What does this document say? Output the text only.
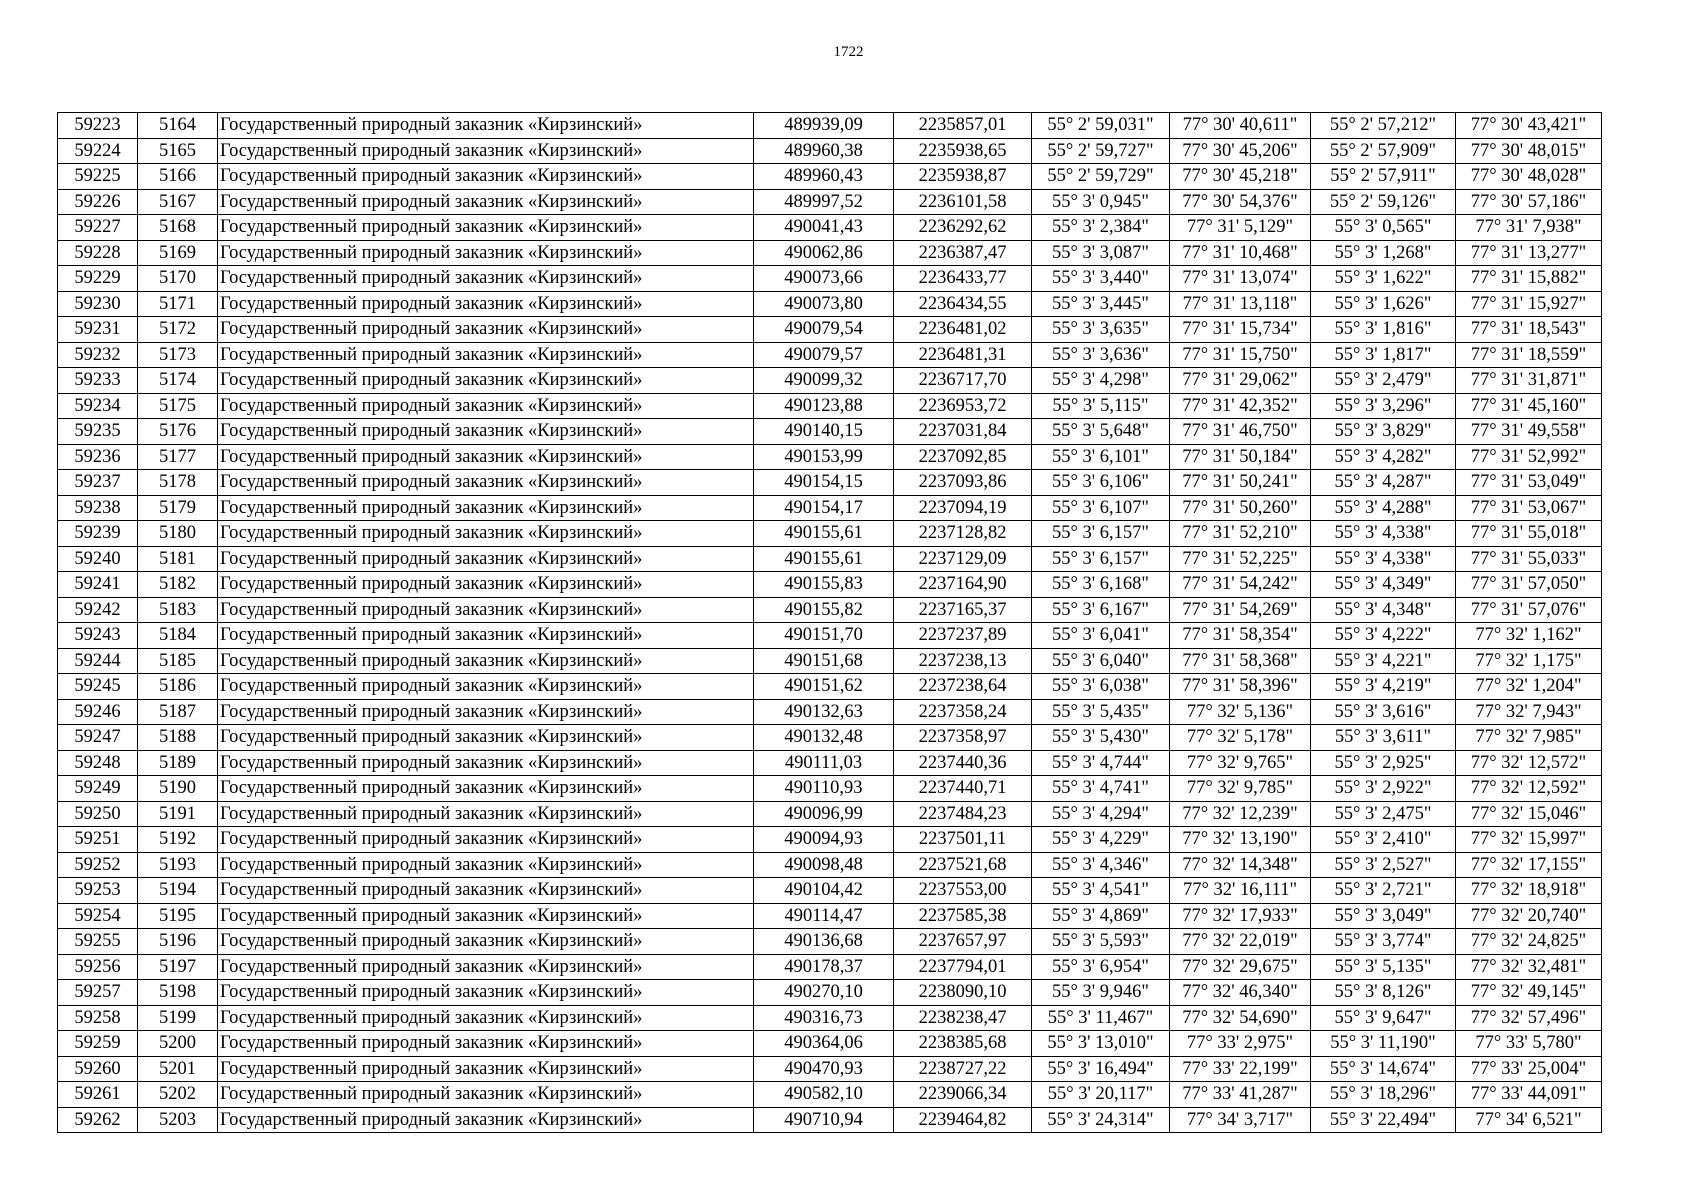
1722
59223	5164	Государственный природный заказник «Кирзинский»	489939,09	2235857,01	55° 2' 59,031"	77° 30' 40,611"	55° 2' 57,212"	77° 30' 43,421"
59224	5165	Государственный природный заказник «Кирзинский»	489960,38	2235938,65	55° 2' 59,727"	77° 30' 45,206"	55° 2' 57,909"	77° 30' 48,015"
59225	5166	Государственный природный заказник «Кирзинский»	489960,43	2235938,87	55° 2' 59,729"	77° 30' 45,218"	55° 2' 57,911"	77° 30' 48,028"
59226	5167	Государственный природный заказник «Кирзинский»	489997,52	2236101,58	55° 3' 0,945"	77° 30' 54,376"	55° 2' 59,126"	77° 30' 57,186"
59227	5168	Государственный природный заказник «Кирзинский»	490041,43	2236292,62	55° 3' 2,384"	77° 31' 5,129"	55° 3' 0,565"	77° 31' 7,938"
59228	5169	Государственный природный заказник «Кирзинский»	490062,86	2236387,47	55° 3' 3,087"	77° 31' 10,468"	55° 3' 1,268"	77° 31' 13,277"
59229	5170	Государственный природный заказник «Кирзинский»	490073,66	2236433,77	55° 3' 3,440"	77° 31' 13,074"	55° 3' 1,622"	77° 31' 15,882"
59230	5171	Государственный природный заказник «Кирзинский»	490073,80	2236434,55	55° 3' 3,445"	77° 31' 13,118"	55° 3' 1,626"	77° 31' 15,927"
59231	5172	Государственный природный заказник «Кирзинский»	490079,54	2236481,02	55° 3' 3,635"	77° 31' 15,734"	55° 3' 1,816"	77° 31' 18,543"
59232	5173	Государственный природный заказник «Кирзинский»	490079,57	2236481,31	55° 3' 3,636"	77° 31' 15,750"	55° 3' 1,817"	77° 31' 18,559"
59233	5174	Государственный природный заказник «Кирзинский»	490099,32	2236717,70	55° 3' 4,298"	77° 31' 29,062"	55° 3' 2,479"	77° 31' 31,871"
59234	5175	Государственный природный заказник «Кирзинский»	490123,88	2236953,72	55° 3' 5,115"	77° 31' 42,352"	55° 3' 3,296"	77° 31' 45,160"
59235	5176	Государственный природный заказник «Кирзинский»	490140,15	2237031,84	55° 3' 5,648"	77° 31' 46,750"	55° 3' 3,829"	77° 31' 49,558"
59236	5177	Государственный природный заказник «Кирзинский»	490153,99	2237092,85	55° 3' 6,101"	77° 31' 50,184"	55° 3' 4,282"	77° 31' 52,992"
59237	5178	Государственный природный заказник «Кирзинский»	490154,15	2237093,86	55° 3' 6,106"	77° 31' 50,241"	55° 3' 4,287"	77° 31' 53,049"
59238	5179	Государственный природный заказник «Кирзинский»	490154,17	2237094,19	55° 3' 6,107"	77° 31' 50,260"	55° 3' 4,288"	77° 31' 53,067"
59239	5180	Государственный природный заказник «Кирзинский»	490155,61	2237128,82	55° 3' 6,157"	77° 31' 52,210"	55° 3' 4,338"	77° 31' 55,018"
59240	5181	Государственный природный заказник «Кирзинский»	490155,61	2237129,09	55° 3' 6,157"	77° 31' 52,225"	55° 3' 4,338"	77° 31' 55,033"
59241	5182	Государственный природный заказник «Кирзинский»	490155,83	2237164,90	55° 3' 6,168"	77° 31' 54,242"	55° 3' 4,349"	77° 31' 57,050"
59242	5183	Государственный природный заказник «Кирзинский»	490155,82	2237165,37	55° 3' 6,167"	77° 31' 54,269"	55° 3' 4,348"	77° 31' 57,076"
59243	5184	Государственный природный заказник «Кирзинский»	490151,70	2237237,89	55° 3' 6,041"	77° 31' 58,354"	55° 3' 4,222"	77° 32' 1,162"
59244	5185	Государственный природный заказник «Кирзинский»	490151,68	2237238,13	55° 3' 6,040"	77° 31' 58,368"	55° 3' 4,221"	77° 32' 1,175"
59245	5186	Государственный природный заказник «Кирзинский»	490151,62	2237238,64	55° 3' 6,038"	77° 31' 58,396"	55° 3' 4,219"	77° 32' 1,204"
59246	5187	Государственный природный заказник «Кирзинский»	490132,63	2237358,24	55° 3' 5,435"	77° 32' 5,136"	55° 3' 3,616"	77° 32' 7,943"
59247	5188	Государственный природный заказник «Кирзинский»	490132,48	2237358,97	55° 3' 5,430"	77° 32' 5,178"	55° 3' 3,611"	77° 32' 7,985"
59248	5189	Государственный природный заказник «Кирзинский»	490111,03	2237440,36	55° 3' 4,744"	77° 32' 9,765"	55° 3' 2,925"	77° 32' 12,572"
59249	5190	Государственный природный заказник «Кирзинский»	490110,93	2237440,71	55° 3' 4,741"	77° 32' 9,785"	55° 3' 2,922"	77° 32' 12,592"
59250	5191	Государственный природный заказник «Кирзинский»	490096,99	2237484,23	55° 3' 4,294"	77° 32' 12,239"	55° 3' 2,475"	77° 32' 15,046"
59251	5192	Государственный природный заказник «Кирзинский»	490094,93	2237501,11	55° 3' 4,229"	77° 32' 13,190"	55° 3' 2,410"	77° 32' 15,997"
59252	5193	Государственный природный заказник «Кирзинский»	490098,48	2237521,68	55° 3' 4,346"	77° 32' 14,348"	55° 3' 2,527"	77° 32' 17,155"
59253	5194	Государственный природный заказник «Кирзинский»	490104,42	2237553,00	55° 3' 4,541"	77° 32' 16,111"	55° 3' 2,721"	77° 32' 18,918"
59254	5195	Государственный природный заказник «Кирзинский»	490114,47	2237585,38	55° 3' 4,869"	77° 32' 17,933"	55° 3' 3,049"	77° 32' 20,740"
59255	5196	Государственный природный заказник «Кирзинский»	490136,68	2237657,97	55° 3' 5,593"	77° 32' 22,019"	55° 3' 3,774"	77° 32' 24,825"
59256	5197	Государственный природный заказник «Кирзинский»	490178,37	2237794,01	55° 3' 6,954"	77° 32' 29,675"	55° 3' 5,135"	77° 32' 32,481"
59257	5198	Государственный природный заказник «Кирзинский»	490270,10	2238090,10	55° 3' 9,946"	77° 32' 46,340"	55° 3' 8,126"	77° 32' 49,145"
59258	5199	Государственный природный заказник «Кирзинский»	490316,73	2238238,47	55° 3' 11,467"	77° 32' 54,690"	55° 3' 9,647"	77° 32' 57,496"
59259	5200	Государственный природный заказник «Кирзинский»	490364,06	2238385,68	55° 3' 13,010"	77° 33' 2,975"	55° 3' 11,190"	77° 33' 5,780"
59260	5201	Государственный природный заказник «Кирзинский»	490470,93	2238727,22	55° 3' 16,494"	77° 33' 22,199"	55° 3' 14,674"	77° 33' 25,004"
59261	5202	Государственный природный заказник «Кирзинский»	490582,10	2239066,34	55° 3' 20,117"	77° 33' 41,287"	55° 3' 18,296"	77° 33' 44,091"
59262	5203	Государственный природный заказник «Кирзинский»	490710,94	2239464,82	55° 3' 24,314"	77° 34' 3,717"	55° 3' 22,494"	77° 34' 6,521"
